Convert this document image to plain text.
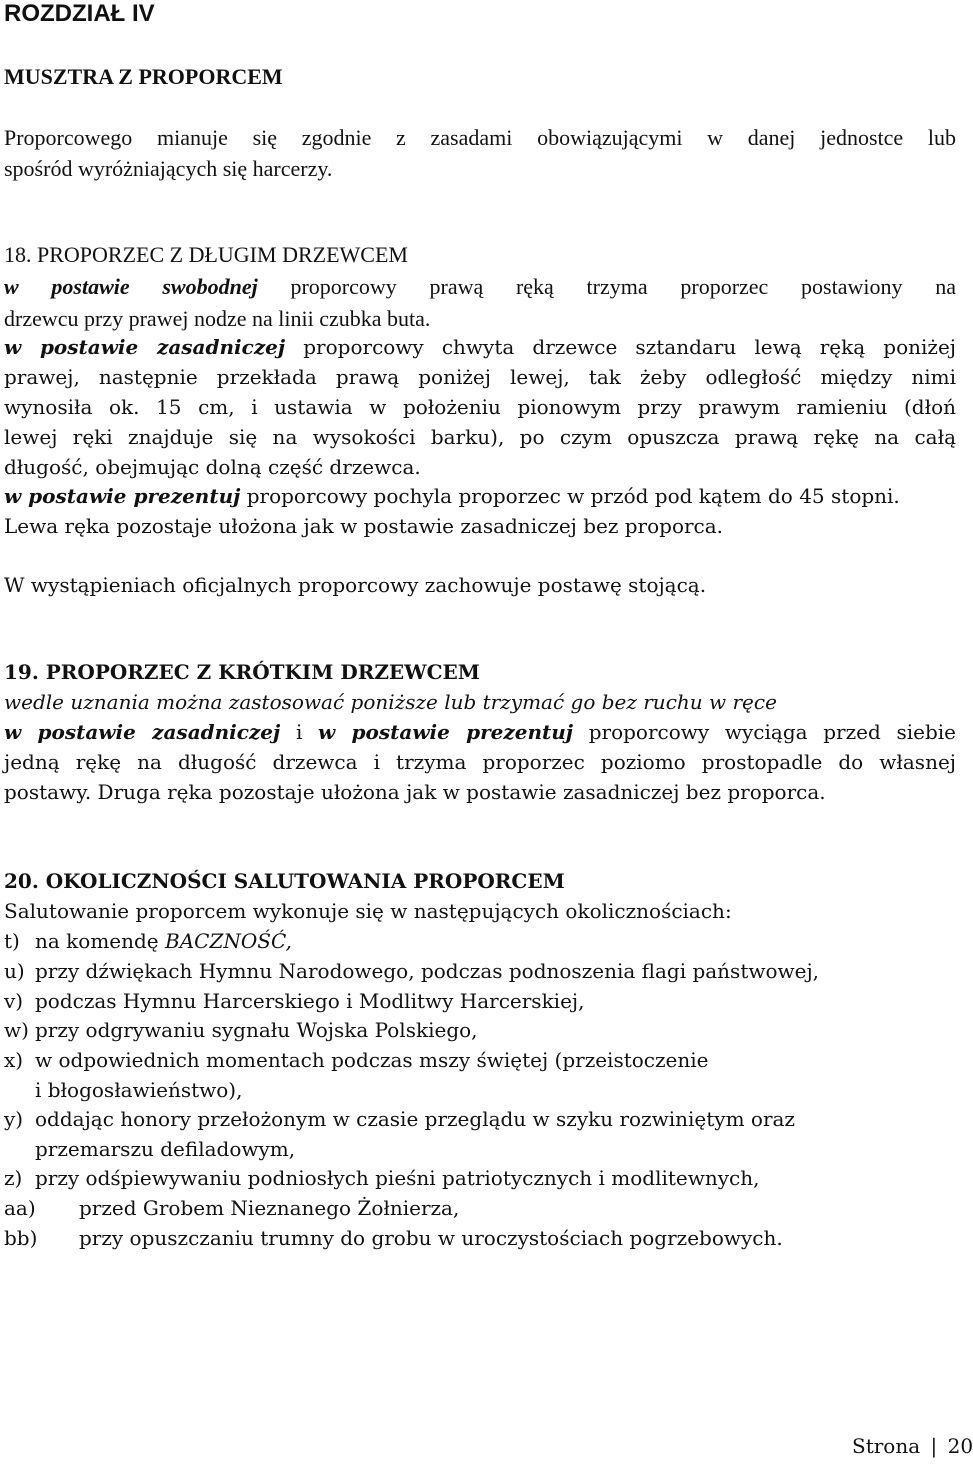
ROZDZIAŁ IV
MUSZTRA Z PROPORCEM
Proporcowego mianuje się zgodnie z zasadami obowiązującymi w danej jednostce lub
spośród wyróżniających się harcerzy.
18. PROPORZEC Z DŁUGIM DRZEWCEM
w postawie swobodnej proporcowy prawą ręką trzyma proporzec postawiony na
drzewcu przy prawej nodze na linii czubka buta.
w postawie zasadniczej proporcowy chwyta drzewce sztandaru lewą ręką poniżej
prawej, następnie przekłada prawą poniżej lewej, tak żeby odległość między nimi
wynosiła ok. 15 cm, i ustawia w położeniu pionowym przy prawym ramieniu (dłoń
lewej ręki znajduje się na wysokości barku), po czym opuszcza prawą rękę na całą
długość, obejmując dolną część drzewca.
w postawie prezentuj proporcowy pochyla proporzec w przód pod kątem do 45 stopni.
Lewa ręka pozostaje ułożona jak w postawie zasadniczej bez proporca.
W wystąpieniach oficjalnych proporcowy zachowuje postawę stojącą.
19. PROPORZEC Z KRÓTKIM DRZEWCEM
wedle uznania można zastosować poniższe lub trzymać go bez ruchu w ręce
w postawie zasadniczej i w postawie prezentuj proporcowy wyciąga przed siebie
jedną rękę na długość drzewca i trzyma proporzec poziomo prostopadle do własnej
postawy. Druga ręka pozostaje ułożona jak w postawie zasadniczej bez proporca.
20. OKOLICZNOŚCI SALUTOWANIA PROPORCEM
Salutowanie proporcem wykonuje się w następujących okolicznościach:
t) na komendę BACZNOŚĆ,
u) przy dźwiękach Hymnu Narodowego, podczas podnoszenia flagi państwowej,
v) podczas Hymnu Harcerskiego i Modlitwy Harcerskiej,
w) przy odgrywaniu sygnału Wojska Polskiego,
x) w odpowiednich momentach podczas mszy świętej (przeistoczenie
i błogosławieństwo),
y) oddając honory przełożonym w czasie przeglądu w szyku rozwiniętym oraz
przemarszu defiladowym,
z) przy odśpiewywaniu podniosłych pieśni patriotycznych i modlitewnych,
aa) przed Grobem Nieznanego Żołnierza,
bb) przy opuszczaniu trumny do grobu w uroczystościach pogrzebowych.
Strona | 20
